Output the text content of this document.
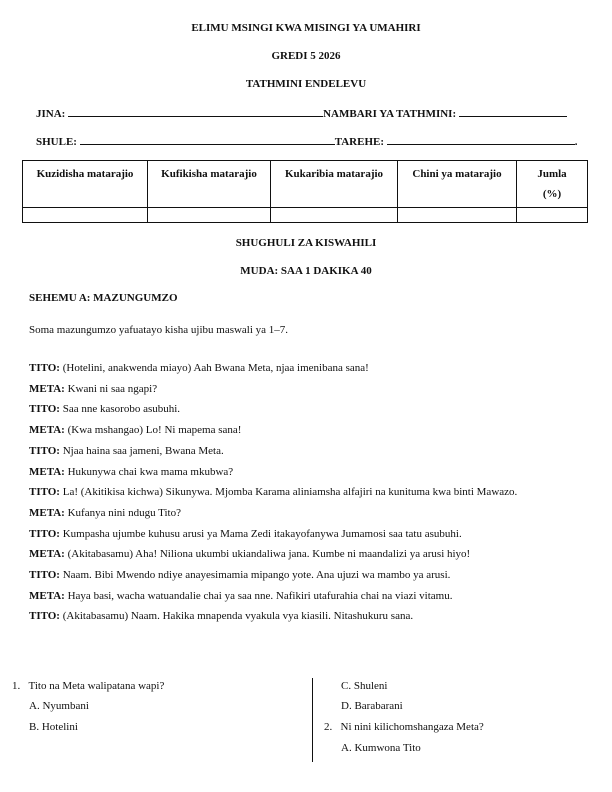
ELIMU MSINGI KWA MISINGI YA UMAHIRI
GREDI 5 2026
TATHMINI ENDELEVU
JINA:	NAMBARI YA TATHMINI:
SHULE:	TAREHE:	.
Kuzidisha matarajio	Kufikisha matarajio	Kukaribia matarajio	Chini ya matarajio	Jumla
(%)

SHUGHULI ZA KISWAHILI
MUDA: SAA 1 DAKIKA 40
SEHEMU A: MAZUNGUMZO
Soma mazungumzo yafuatayo kisha ujibu maswali ya 1–7.
TITO: (Hotelini, anakwenda miayo) Aah Bwana Meta, njaa imenibana sana!
META: Kwani ni saa ngapi?
TITO: Saa nne kasorobo asubuhi.
META: (Kwa mshangao) Lo! Ni mapema sana!
TITO: Njaa haina saa jameni, Bwana Meta.
META: Hukunywa chai kwa mama mkubwa?
TITO: La! (Akitikisa kichwa) Sikunywa. Mjomba Karama aliniamsha alfajiri na kunituma kwa binti Mawazo.
META: Kufanya nini ndugu Tito?
TITO: Kumpasha ujumbe kuhusu arusi ya Mama Zedi itakayofanywa Jumamosi saa tatu asubuhi.
META: (Akitabasamu) Aha! Niliona ukumbi ukiandaliwa jana. Kumbe ni maandalizi ya arusi hiyo!
TITO: Naam. Bibi Mwendo ndiye anayesimamia mipango yote. Ana ujuzi wa mambo ya arusi.
META: Haya basi, wacha watuandalie chai ya saa nne. Nafikiri utafurahia chai na viazi vitamu.
TITO: (Akitabasamu) Naam. Hakika mnapenda vyakula vya kiasili. Nitashukuru sana.
1. Tito na Meta walipatana wapi?
A. Nyumbani
B. Hotelini
C. Shuleni
D. Barabarani
2. Ni nini kilichomshangaza Meta?
A. Kumwona Tito
